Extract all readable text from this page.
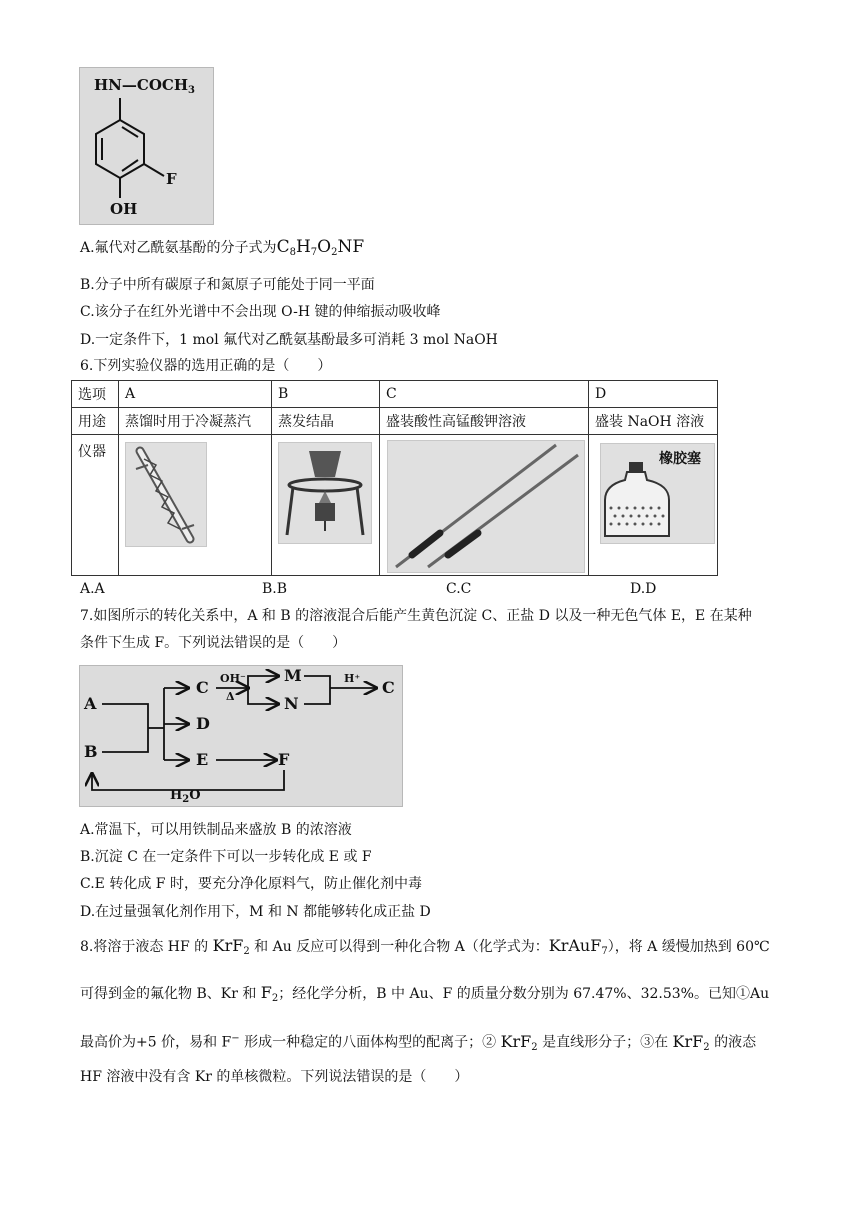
$HN—COCH_3$
F
OH
A.氟代对乙酰氨基酚的分子式为$C_8H_7O_2NF$
B.分子中所有碳原子和氮原子可能处于同一平面
C.该分子在红外光谱中不会出现 O-H 键的伸缩振动吸收峰
D.一定条件下，1 mol 氟代对乙酰氨基酚最多可消耗 3 mol NaOH
6.下列实验仪器的选用正确的是（　　）
选项	A	B	C	D
用途	蒸馏时用于冷凝蒸汽	蒸发结晶	盛装酸性高锰酸钾溶液	盛装 NaOH 溶液
仪器					橡胶塞
A.A	B.B	C.C	D.D
7.如图所示的转化关系中，A 和 B 的溶液混合后能产生黄色沉淀 C、正盐 D 以及一种无色气体 E，E 在某种
条件下生成 F。下列说法错误的是（　　）
A
B
C
D
E	F
M
N
C
OH⁻
Δ
H⁺
$H_2O$
A.常温下，可以用铁制品来盛放 B 的浓溶液
B.沉淀 C 在一定条件下可以一步转化成 E 或 F
C.E 转化成 F 时，要充分净化原料气，防止催化剂中毒
D.在过量强氧化剂作用下，M 和 N 都能够转化成正盐 D
8.将溶于液态 HF 的 KrF$_2$ 和 Au 反应可以得到一种化合物 A（化学式为：KrAuF$_7$），将 A 缓慢加热到 60℃
可得到金的氟化物 B、Kr 和 $F_2$；经化学分析，B 中 Au、F 的质量分数分别为 67.47%、32.53%。已知①Au
最高价为+5 价，易和 F− 形成一种稳定的八面体构型的配离子；② KrF$_2$ 是直线形分子；③在 KrF$_2$ 的液态
HF 溶液中没有含 Kr 的单核微粒。下列说法错误的是（　　）
